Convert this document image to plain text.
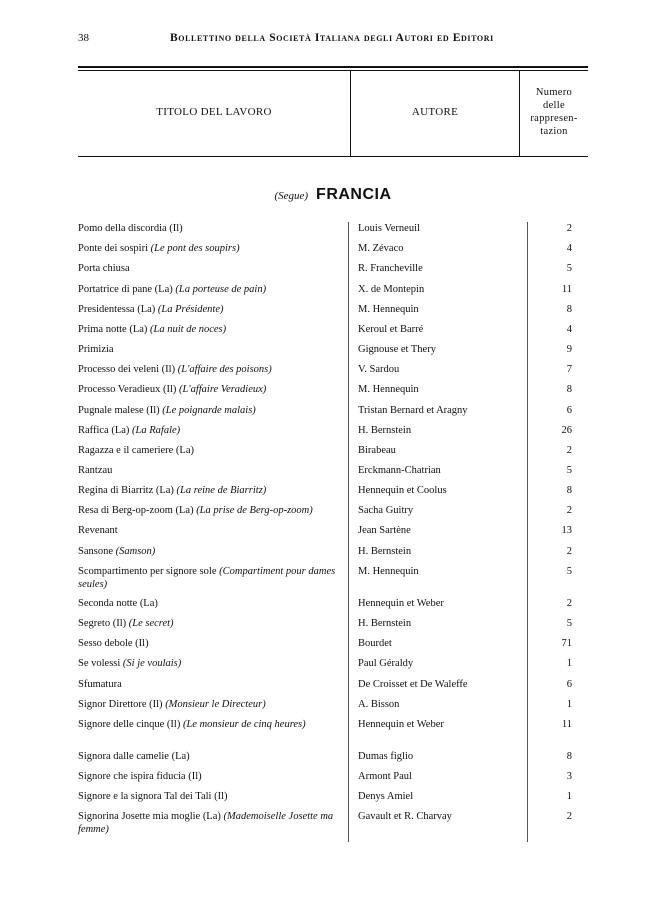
38	Bollettino della Società Italiana degli Autori ed Editori
TITOLO DEL LAVORO	AUTORE
Numero
delle
rappresen-
tazion
(Segue) FRANCIA
Pomo della discordia (Il)	Louis Verneuil	2
Ponte dei sospiri (Le pont des soupirs)	M. Zévaco	4
Porta chiusa	R. Francheville	5
Portatrice di pane (La) (La porteuse de pain)	X. de Montepin	11
Presidentessa (La) (La Présidente)	M. Hennequin	8
Prima notte (La) (La nuit de noces)	Keroul et Barré	4
Primizia	Gignouse et Thery	9
Processo dei veleni (Il) (L'affaire des poisons)	V. Sardou	7
Processo Veradieux (Il) (L'affaire Veradieux)	M. Hennequin	8
Pugnale malese (Il) (Le poignarde malais)	Tristan Bernard et Aragny	6
Raffica (La) (La Rafale)	H. Bernstein	26
Ragazza e il cameriere (La)	Birabeau	2
Rantzau	Erckmann-Chatrian	5
Regina di Biarritz (La) (La reine de Biarritz)	Hennequin et Coolus	8
Resa di Berg-op-zoom (La) (La prise de Berg-op-zoom)	Sacha Guitry	2
Revenant	Jean Sartène	13
Sansone (Samson)	H. Bernstein	2
Scompartimento per signore sole (Compartiment pour dames seules)
M. Hennequin	5
Seconda notte (La)	Hennequin et Weber	2
Segreto (Il) (Le secret)	H. Bernstein	5
Sesso debole (Il)	Bourdet	71
Se volessi (Si je voulais)	Paul Géraldy	1
Sfumatura	De Croisset et De Waleffe	6
Signor Direttore (Il) (Monsieur le Directeur)	A. Bisson	1
Signore delle cinque (Il) (Le monsieur de cinq heures)	Hennequin et Weber	11
Signora dalle camelie (La)	Dumas figlio	8
Signore che ispira fiducia (Il)	Armont Paul	3
Signore e la signora Tal dei Tali (Il)	Denys Amiel	1
Signorina Josette mia moglie (La) (Mademoiselle Josette ma femme)
Gavault et R. Charvay	2
